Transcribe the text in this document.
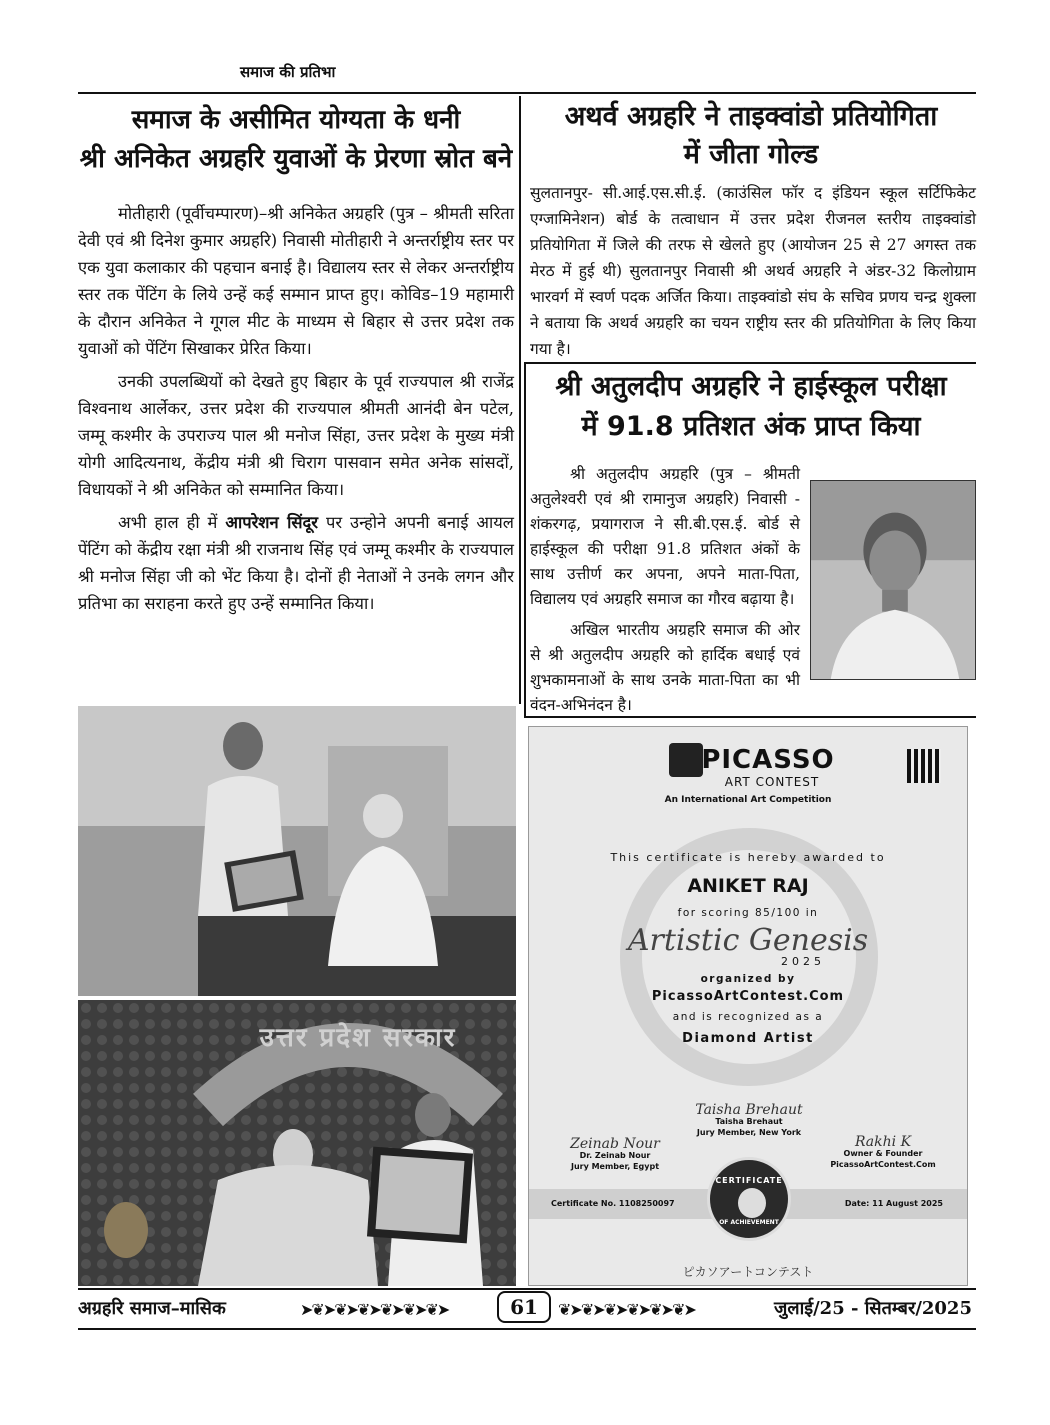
समाज की प्रतिभा
समाज के असीमित योग्यता के धनी
श्री अनिकेत अग्रहरि युवाओं के प्रेरणा स्रोत बने

मोतीहारी (पूर्वीचम्पारण)–श्री अनिकेत अग्रहरि (पुत्र – श्रीमती सरिता देवी एवं श्री दिनेश कुमार अग्रहरि) निवासी मोतीहारी ने अन्तर्राष्ट्रीय स्तर पर एक युवा कलाकार की पहचान बनाई है। विद्यालय स्तर से लेकर अन्तर्राष्ट्रीय स्तर तक पेंटिंग के लिये उन्हें कई सम्मान प्राप्त हुए। कोविड–19 महामारी के दौरान अनिकेत ने गूगल मीट के माध्यम से बिहार से उत्तर प्रदेश तक युवाओं को पेंटिंग सिखाकर प्रेरित किया।

उनकी उपलब्धियों को देखते हुए बिहार के पूर्व राज्यपाल श्री राजेंद्र विश्वनाथ आर्लेकर, उत्तर प्रदेश की राज्यपाल श्रीमती आनंदी बेन पटेल, जम्मू कश्मीर के उपराज्य पाल श्री मनोज सिंहा, उत्तर प्रदेश के मुख्य मंत्री योगी आदित्यनाथ, केंद्रीय मंत्री श्री चिराग पासवान समेत अनेक सांसदों, विधायकों ने श्री अनिकेत को सम्मानित किया।

अभी हाल ही में आपरेशन सिंदूर पर उन्होने अपनी बनाई आयल पेंटिंग को केंद्रीय रक्षा मंत्री श्री राजनाथ सिंह एवं जम्मू कश्मीर के राज्यपाल श्री मनोज सिंहा जी को भेंट किया है। दोनों ही नेताओं ने उनके लगन और प्रतिभा का सराहना करते हुए उन्हें सम्मानित किया।

अथर्व अग्रहरि ने ताइक्वांडो प्रतियोगिता
में जीता गोल्ड

सुलतानपुर- सी.आई.एस.सी.ई. (काउंसिल फॉर द इंडियन स्कूल सर्टिफिकेट एग्जामिनेशन) बोर्ड के तत्वाधान में उत्तर प्रदेश रीजनल स्तरीय ताइक्वांडो प्रतियोगिता में जिले की तरफ से खेलते हुए (आयोजन 25 से 27 अगस्त तक मेरठ में हुई थी) सुलतानपुर निवासी श्री अथर्व अग्रहरि ने अंडर-32 किलोग्राम भारवर्ग में स्वर्ण पदक अर्जित किया। ताइक्वांडो संघ के सचिव प्रणय चन्द्र शुक्ला ने बताया कि अथर्व अग्रहरि का चयन राष्ट्रीय स्तर की प्रतियोगिता के लिए किया गया है।

श्री अतुलदीप अग्रहरि ने हाईस्कूल परीक्षा
में 91.8 प्रतिशत अंक प्राप्त किया

श्री अतुलदीप अग्रहरि (पुत्र – श्रीमती अतुलेश्वरी एवं श्री रामानुज अग्रहरि) निवासी - शंकरगढ़, प्रयागराज ने सी.बी.एस.ई. बोर्ड से हाईस्कूल की परीक्षा 91.8 प्रतिशत अंकों के साथ उत्तीर्ण कर अपना, अपने माता-पिता, विद्यालय एवं अग्रहरि समाज का गौरव बढ़ाया है।

अखिल भारतीय अग्रहरि समाज की ओर से श्री अतुलदीप अग्रहरि को हार्दिक बधाई एवं शुभकामनाओं के साथ उनके माता-पिता का भी वंदन-अभिनंदन है।

उत्तर प्रदेश सरकार
PICASSO
ART CONTEST
An International Art Competition
This certificate is hereby awarded to
ANIKET RAJ
for scoring 85/100 in
Artistic Genesis
2025
organized by
PicassoArtContest.Com
and is recognized as a
Diamond Artist
Taisha Brehaut
Taisha Brehaut
Jury Member, New York
Zeinab Nour
Dr. Zeinab Nour
Jury Member, Egypt
Rakhi K
Owner & Founder
PicassoArtContest.Com
Certificate No. 1108250097	Date: 11 August 2025
CERTIFICATE
OF ACHIEVEMENT
ピカソアートコンテスト
अग्रहरि समाज–मासिक	➤❦➤❦➤❦➤❦➤❦➤❦➤	61	❦➤❦➤❦➤❦➤❦➤❦➤	जुलाई/25 - सितम्बर/2025
